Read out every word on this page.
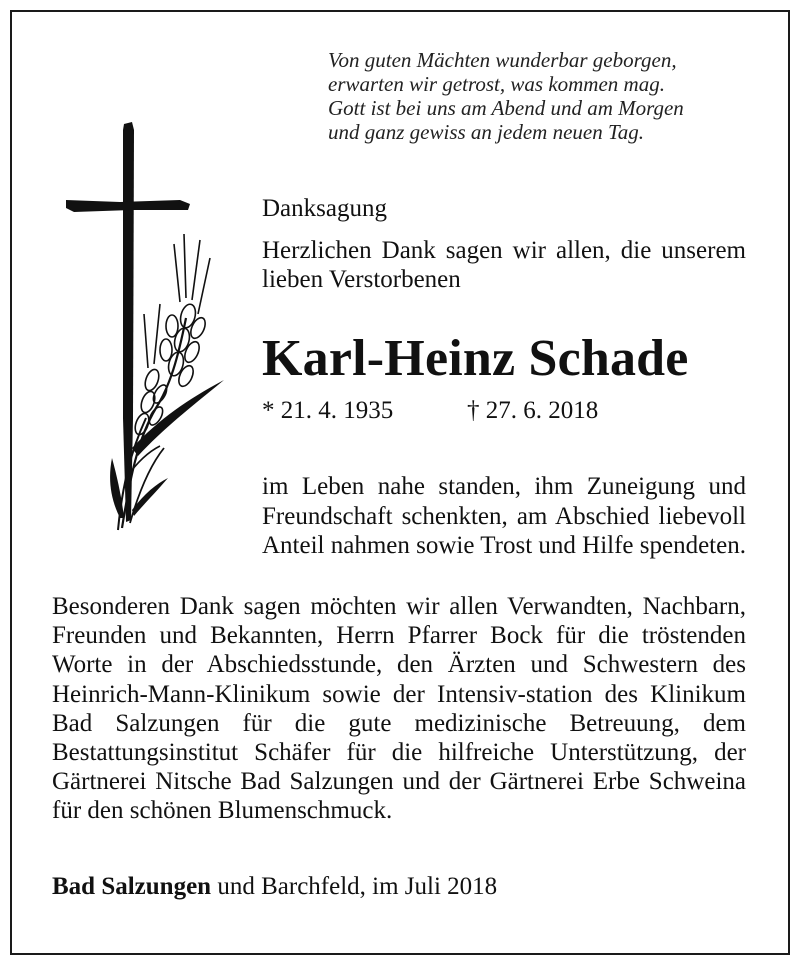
Von guten Mächten wunderbar geborgen,
erwarten wir getrost, was kommen mag.
Gott ist bei uns am Abend und am Morgen
und ganz gewiss an jedem neuen Tag.
Danksagung
Herzlichen Dank sagen wir allen, die unserem lieben Verstorbenen
Karl-Heinz Schade
* 21. 4. 1935	† 27. 6. 2018
im Leben nahe standen, ihm Zuneigung und Freundschaft schenkten, am Abschied liebevoll Anteil nahmen sowie Trost und Hilfe spendeten.
Besonderen Dank sagen möchten wir allen Verwandten, Nachbarn, Freunden und Bekannten, Herrn Pfarrer Bock für die tröstenden Worte in der Abschiedsstunde, den Ärzten und Schwestern des Heinrich-Mann-Klinikum sowie der Intensiv-station des Klinikum Bad Salzungen für die gute medizinische Betreuung, dem Bestattungsinstitut Schäfer für die hilfreiche Unterstützung, der Gärtnerei Nitsche Bad Salzungen und der Gärtnerei Erbe Schweina für den schönen Blumenschmuck.
Bad Salzungen und Barchfeld, im Juli 2018
